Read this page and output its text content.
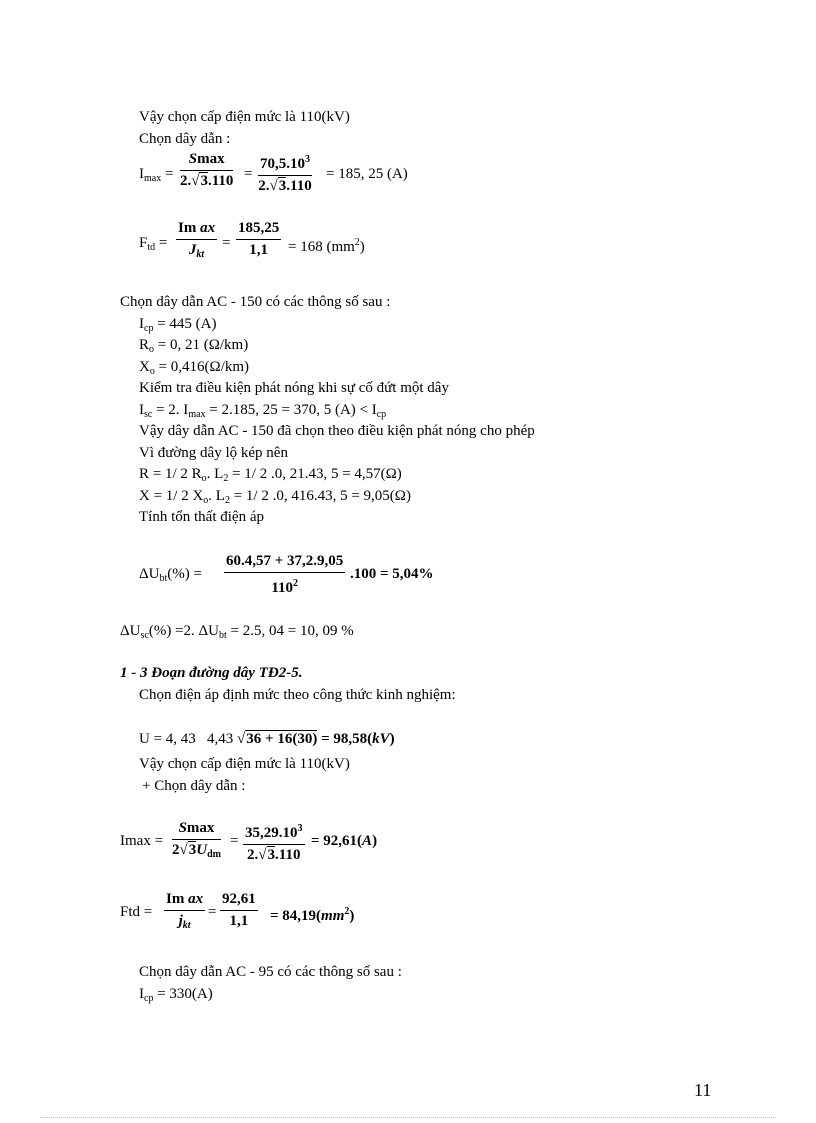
Vậy chọn cấp điện mức là 110(kV)
Chọn dây dẫn :
$I_{max}$ =
Smax
$2.√3.110 = \frac{70,5.10^3}{2.√3.110} = 185$, 25 (A)
$F_{td}$ =
Im ax
$J_{kt}$
= $\frac{185,25}{1,1} = 168$ $(mm^2)$
Chọn dây dẫn AC - 150 có các thông số sau :
$I_{cp} = 445$ (A)
$R_o = 0$, 21 (Ω/km)
$X_o = 0,416(\Omega/km)$
Kiểm tra điều kiện phát nóng khi sự cố đứt một dây
$I_{sc} = 2$. $I_{max} = 2.185$, 25 = 370, 5 $(A) < I_{cp}$
Vậy dây dẫn AC - 150 đã chọn theo điều kiện phát nóng cho phép
Vì đường dây lộ kép nên
R = 1/ 2 $R_o$. $L_2 = 1/$ 2 .0, 21.43, 5 = 4,57(Ω)
X = 1/ 2 $X_o$. $L_2 = 1/$ 2 .0, 416.43, 5 = 9,05(Ω)
Tính tổn thất điện áp
$\Delta U_{bt}(\%) = \frac{60.4,57 + 37,2.9,05}{110^2} .100 = 5,04\%$
$\Delta U_{sc}(\%) =2$. $\Delta U_{bt} = 2.5$, 04 = 10, 09 %
1 - 3 Đoạn đường dây TĐ2-5.
Chọn điện áp định mức theo công thức kinh nghiệm:
U = 4, 43 4,43 √36 + 16(30) = 98,58(kV)
Vậy chọn cấp điện mức là 110(kV)
+ Chọn dây dẫn :
Imax =
Smax
$2√3U_{dm}$
= $\frac{35,29.10^3}{2.√3.110} = 92,61(A)$
Ftd =
Im ax
$j_{kt}$
= $\frac{92,61}{1,1} = 84,19(mm^2)$
Chọn dây dẫn AC - 95 có các thông số sau :
$I_{cp} = 330(A)$
11
